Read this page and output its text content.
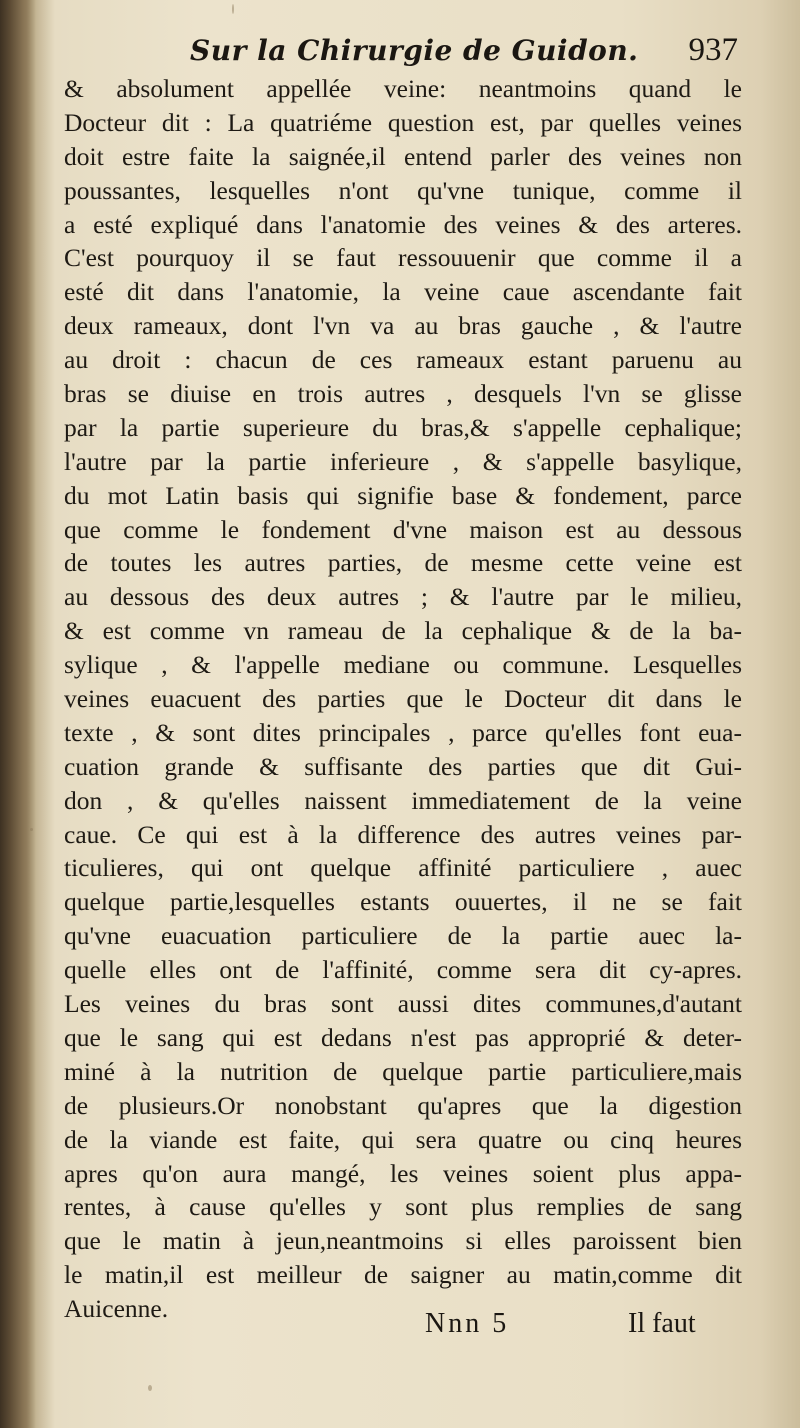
Sur la Chirurgie de Guidon. 937
& absolument appellée veine: neantmoins quand le
Docteur dit : La quatriéme question est, par quelles veines
doit estre faite la saignée,il entend parler des veines non
poussantes, lesquelles n'ont qu'vne tunique, comme il
a esté expliqué dans l'anatomie des veines & des arteres.
C'est pourquoy il se faut ressouuenir que comme il a
esté dit dans l'anatomie, la veine caue ascendante fait
deux rameaux, dont l'vn va au bras gauche , & l'autre
au droit : chacun de ces rameaux estant paruenu au
bras se diuise en trois autres , desquels l'vn se glisse
par la partie superieure du bras,& s'appelle cephalique;
l'autre par la partie inferieure , & s'appelle basylique,
du mot Latin basis qui signifie base & fondement, parce
que comme le fondement d'vne maison est au dessous
de toutes les autres parties, de mesme cette veine est
au dessous des deux autres ; & l'autre par le milieu,
& est comme vn rameau de la cephalique & de la ba-
sylique , & l'appelle mediane ou commune. Lesquelles
veines euacuent des parties que le Docteur dit dans le
texte , & sont dites principales , parce qu'elles font eua-
cuation grande & suffisante des parties que dit Gui-
don , & qu'elles naissent immediatement de la veine
caue. Ce qui est à la difference des autres veines par-
ticulieres, qui ont quelque affinité particuliere , auec
quelque partie,lesquelles estants ouuertes, il ne se fait
qu'vne euacuation particuliere de la partie auec la-
quelle elles ont de l'affinité, comme sera dit cy-apres.
Les veines du bras sont aussi dites communes,d'autant
que le sang qui est dedans n'est pas approprié & deter-
miné à la nutrition de quelque partie particuliere,mais
de plusieurs.Or nonobstant qu'apres que la digestion
de la viande est faite, qui sera quatre ou cinq heures
apres qu'on aura mangé, les veines soient plus appa-
rentes, à cause qu'elles y sont plus remplies de sang
que le matin à jeun,neantmoins si elles paroissent bien
le matin,il est meilleur de saigner au matin,comme dit
Auicenne.	Nnn 5	Il faut
